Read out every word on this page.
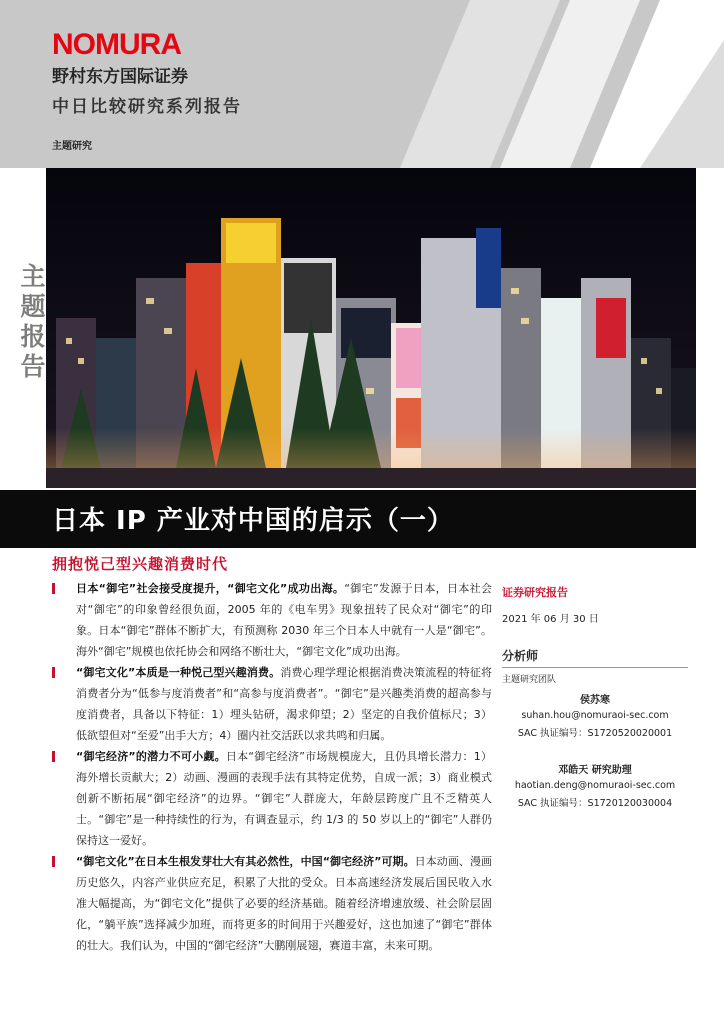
NOMURA
野村东方国际证券
中日比较研究系列报告
主题研究
主题报告
日本 IP 产业对中国的启示（一）
拥抱悦己型兴趣消费时代

日本“御宅”社会接受度提升，“御宅文化”成功出海。“御宅”发源于日本，日本社会对“御宅”的印象曾经很负面，2005 年的《电车男》现象扭转了民众对“御宅”的印象。日本“御宅”群体不断扩大，有预测称 2030 年三个日本人中就有一人是“御宅”。海外“御宅”规模也依托协会和网络不断壮大，“御宅文化”成功出海。

“御宅文化”本质是一种悦己型兴趣消费。消费心理学理论根据消费决策流程的特征将消费者分为“低参与度消费者”和“高参与度消费者”。“御宅”是兴趣类消费的超高参与度消费者，具备以下特征：1）埋头钻研，渴求仰望；2）坚定的自我价值标尺；3）低欲望但对“至爱”出手大方；4）圈内社交活跃以求共鸣和归属。

“御宅经济”的潜力不可小觑。日本“御宅经济”市场规模庞大，且仍具增长潜力：1）海外增长贡献大；2）动画、漫画的表现手法有其特定优势，自成一派；3）商业模式创新不断拓展“御宅经济”的边界。“御宅”人群庞大，年龄层跨度广且不乏精英人士。“御宅”是一种持续性的行为，有调查显示，约 1/3 的 50 岁以上的“御宅”人群仍保持这一爱好。

“御宅文化”在日本生根发芽壮大有其必然性，中国“御宅经济”可期。日本动画、漫画历史悠久，内容产业供应充足，积累了大批的受众。日本高速经济发展后国民收入水准大幅提高，为“御宅文化”提供了必要的经济基础。随着经济增速放缓、社会阶层固化，“躺平族”选择减少加班，而将更多的时间用于兴趣爱好，这也加速了“御宅”群体的壮大。我们认为，中国的“御宅经济”大鹏刚展翅，赛道丰富，未来可期。

证券研究报告
2021 年 06 月 30 日
分析师
主题研究团队
侯苏寒
suhan.hou@nomuraoi-sec.com
SAC 执证编号：S1720520020001
邓皓天 研究助理
haotian.deng@nomuraoi-sec.com
SAC 执证编号：S1720120030004
